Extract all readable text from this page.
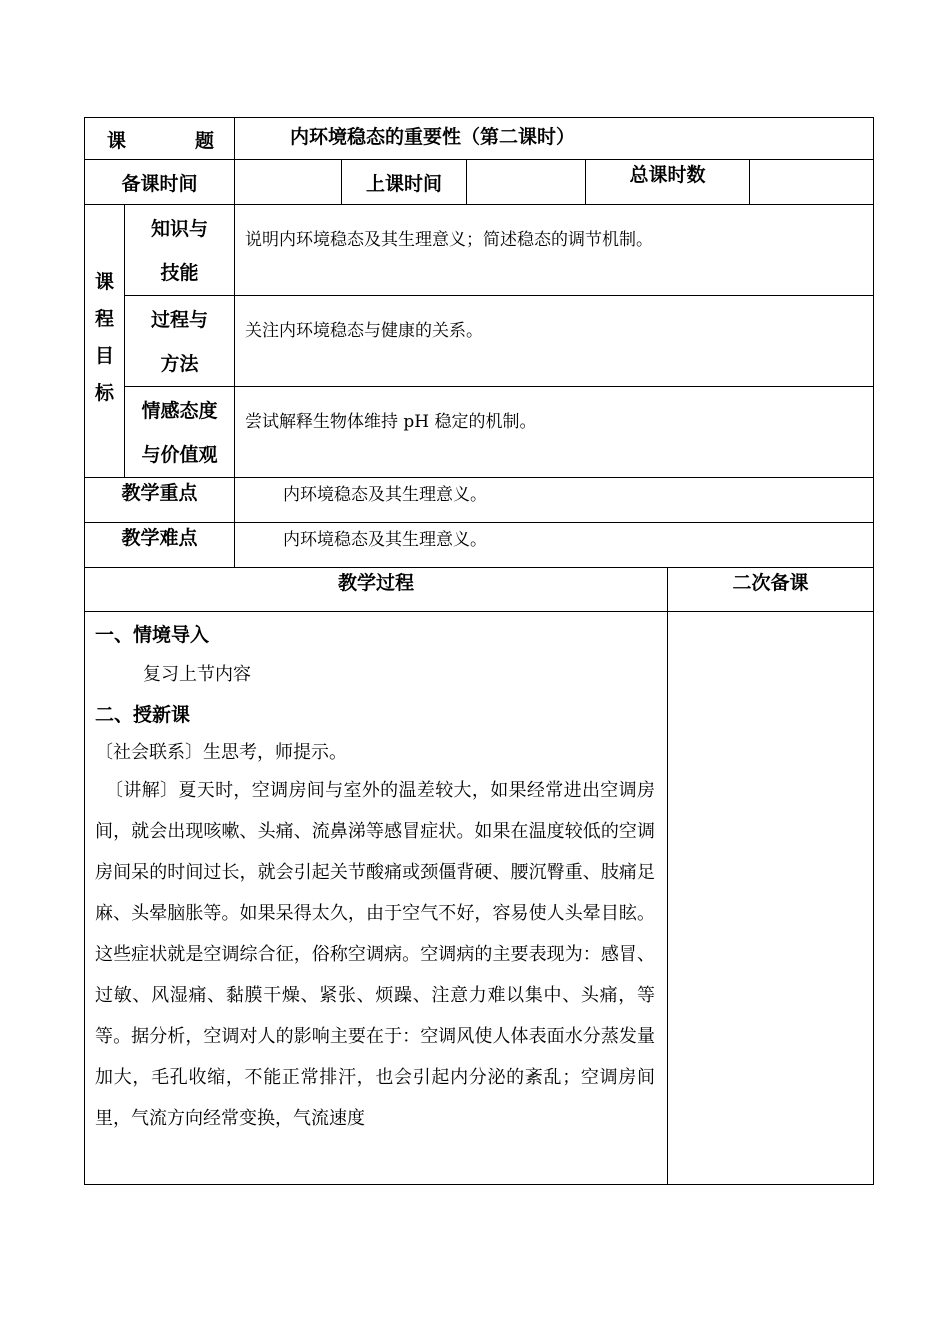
课 题		内环境稳态的重要性（第二课时）					

备课时间			上课时间		总课时数		

课
程
目
标	知识与
技能	说明内环境稳态及其生理意义；简述稳态的调节机制。					

	过程与
方法	关注内环境稳态与健康的关系。					

	情感态度
与价值观	尝试解释生物体维持 pH 稳定的机制。					

教学重点		内环境稳态及其生理意义。					

教学难点		内环境稳态及其生理意义。					

教学过程						二次备课	

一、情境导入

复习上节内容

二、授新课

〔社会联系〕生思考，师提示。

〔讲解〕夏天时，空调房间与室外的温差较大，如果经常进出空调房间，就会出现咳嗽、头痛、流鼻涕等感冒症状。如果在温度较低的空调房间呆的时间过长，就会引起关节酸痛或颈僵背硬、腰沉臀重、肢痛足麻、头晕脑胀等。如果呆得太久，由于空气不好，容易使人头晕目眩。这些症状就是空调综合征，俗称空调病。空调病的主要表现为：感冒、过敏、风湿痛、黏膜干燥、紧张、烦躁、注意力难以集中、头痛，等等。据分析，空调对人的影响主要在于：空调风使人体表面水分蒸发量加大，毛孔收缩，不能正常排汗，也会引起内分泌的紊乱；空调房间里，气流方向经常变换，气流速度							
